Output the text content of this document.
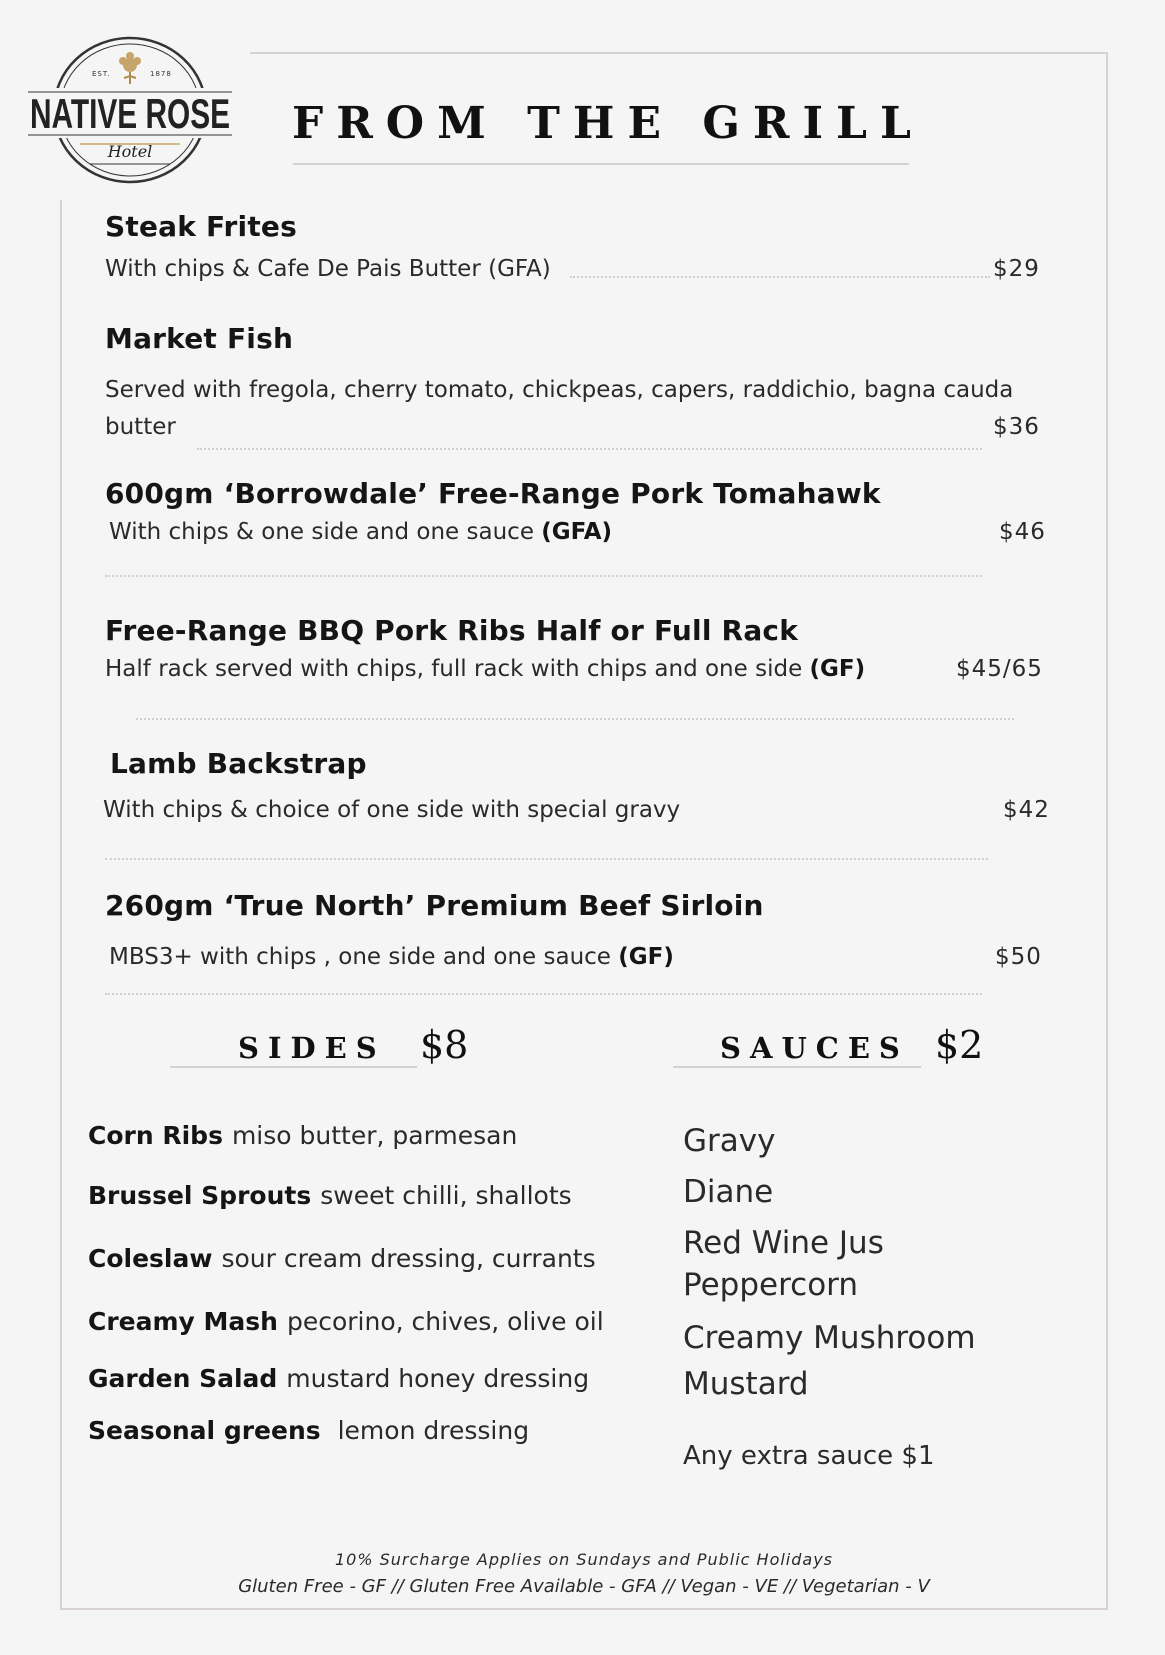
EST.	1878
NATIVE ROSE
Hotel
FROM THE GRILL
Steak Frites
With chips & Cafe De Pais Butter (GFA)	$29
Market Fish
Served with fregola, cherry tomato, chickpeas, capers, raddichio, bagna cauda
butter	$36
600gm ‘Borrowdale’ Free-Range Pork Tomahawk
With chips & one side and one sauce (GFA)	$46
Free-Range BBQ Pork Ribs Half or Full Rack
Half rack served with chips, full rack with chips and one side (GF)	$45/65
Lamb Backstrap
With chips & choice of one side with special gravy	$42
260gm ‘True North’ Premium Beef Sirloin
MBS3+ with chips , one side and one sauce (GF)	$50
SIDES $8
Corn Ribs miso butter, parmesan
Brussel Sprouts sweet chilli, shallots
Coleslaw sour cream dressing, currants
Creamy Mash pecorino, chives, olive oil
Garden Salad mustard honey dressing
Seasonal greens lemon dressing
SAUCES $2
Gravy
Diane
Red Wine Jus
Peppercorn
Creamy Mushroom
Mustard
Any extra sauce $1
10% Surcharge Applies on Sundays and Public Holidays
Gluten Free - GF // Gluten Free Available - GFA // Vegan - VE // Vegetarian - V
